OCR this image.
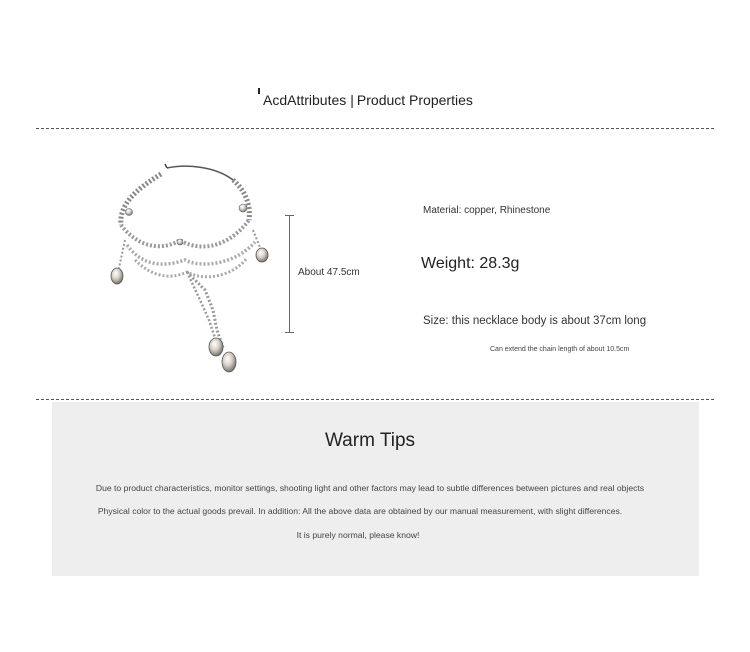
AcdAttributes | Product Properties
About 47.5cm
Material: copper, Rhinestone
Weight: 28.3g
Size: this necklace body is about 37cm long
Can extend the chain length of about 10.5cm
Warm Tips
Due to product characteristics, monitor settings, shooting light and other factors may lead to subtle differences between pictures and real objects
Physical color to the actual goods prevail. In addition: All the above data are obtained by our manual measurement, with slight differences.
It is purely normal, please know!
